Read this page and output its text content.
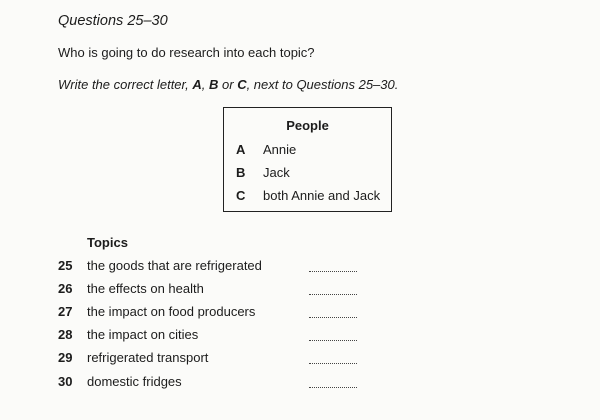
Questions 25–30
Who is going to do research into each topic?
Write the correct letter, A, B or C, next to Questions 25–30.
People
A Annie
B Jack
C both Annie and Jack
Topics
25 the goods that are refrigerated
26 the effects on health
27 the impact on food producers
28 the impact on cities
29 refrigerated transport
30 domestic fridges
